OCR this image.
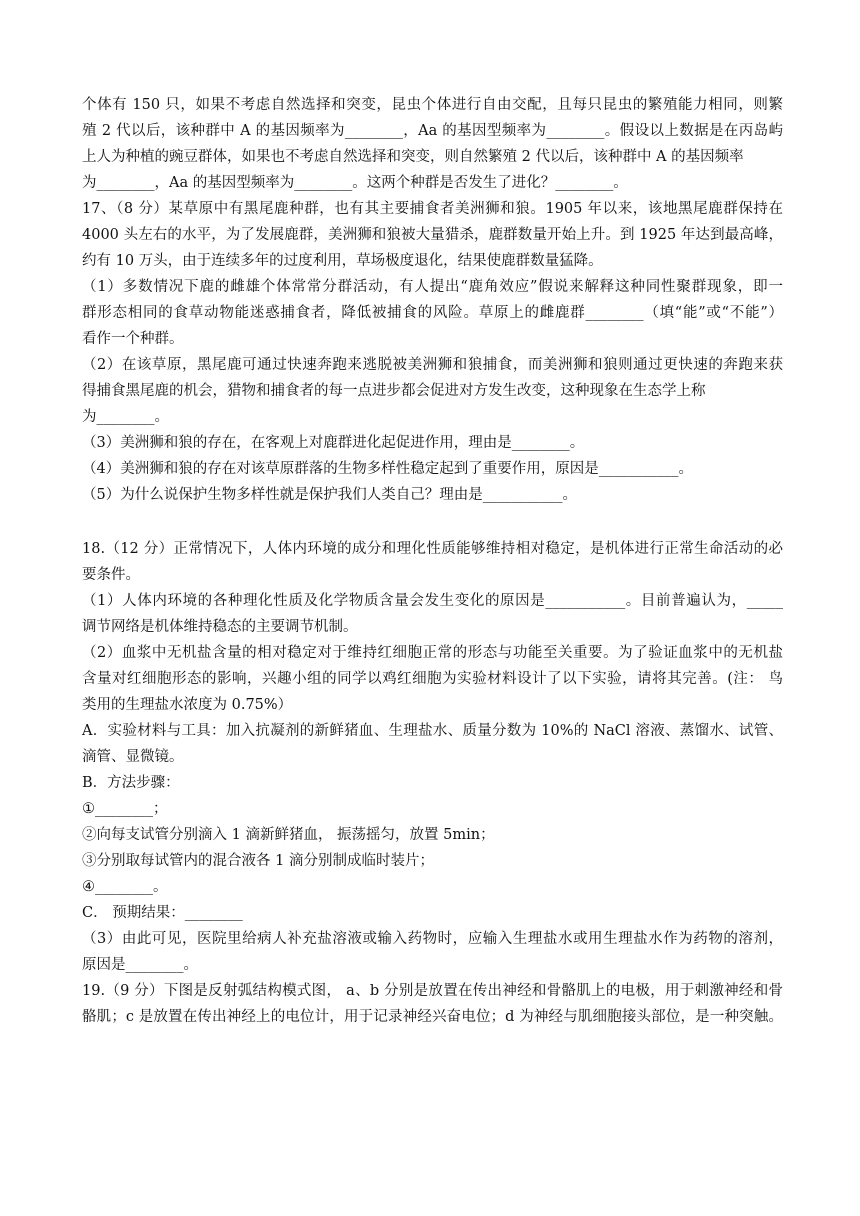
个体有 150 只，如果不考虑自然选择和突变，昆虫个体进行自由交配，且每只昆虫的繁殖能力相同，则繁
殖 2 代以后，该种群中 A 的基因频率为________，Aa 的基因型频率为________。假设以上数据是在丙岛屿
上人为种植的豌豆群体，如果也不考虑自然选择和突变，则自然繁殖 2 代以后，该种群中 A 的基因频率
为________，Aa 的基因型频率为________。这两个种群是否发生了进化？________。
17、（8 分）某草原中有黑尾鹿种群，也有其主要捕食者美洲狮和狼。1905 年以来，该地黑尾鹿群保持在
4000 头左右的水平，为了发展鹿群，美洲狮和狼被大量猎杀，鹿群数量开始上升。到 1925 年达到最高峰，
约有 10 万头，由于连续多年的过度利用，草场极度退化，结果使鹿群数量猛降。
（1）多数情况下鹿的雌雄个体常常分群活动，有人提出“鹿角效应”假说来解释这种同性聚群现象，即一
群形态相同的食草动物能迷惑捕食者，降低被捕食的风险。草原上的雌鹿群________（填“能”或“不能”）
看作一个种群。
（2）在该草原，黑尾鹿可通过快速奔跑来逃脱被美洲狮和狼捕食，而美洲狮和狼则通过更快速的奔跑来获
得捕食黑尾鹿的机会，猎物和捕食者的每一点进步都会促进对方发生改变，这种现象在生态学上称
为________。
（3）美洲狮和狼的存在，在客观上对鹿群进化起促进作用，理由是________。
（4）美洲狮和狼的存在对该草原群落的生物多样性稳定起到了重要作用，原因是___________。
（5）为什么说保护生物多样性就是保护我们人类自己？理由是___________。
18.（12 分）正常情况下，人体内环境的成分和理化性质能够维持相对稳定，是机体进行正常生命活动的必
要条件。
（1）人体内环境的各种理化性质及化学物质含量会发生变化的原因是___________。目前普遍认为，_____
调节网络是机体维持稳态的主要调节机制。
（2）血浆中无机盐含量的相对稳定对于维持红细胞正常的形态与功能至关重要。为了验证血浆中的无机盐
含量对红细胞形态的影响，兴趣小组的同学以鸡红细胞为实验材料设计了以下实验，请将其完善。(注： 鸟
类用的生理盐水浓度为 0.75%）
A．实验材料与工具：加入抗凝剂的新鲜猪血、生理盐水、质量分数为 10%的 NaCl 溶液、蒸馏水、试管、
滴管、显微镜。
B．方法步骤：
①________；
②向每支试管分别滴入 1 滴新鲜猪血， 振荡摇匀，放置 5min；
③分别取每试管内的混合液各 1 滴分别制成临时装片；
④________。
C． 预期结果：________
（3）由此可见，医院里给病人补充盐溶液或输入药物时，应输入生理盐水或用生理盐水作为药物的溶剂，
原因是________。
19.（9 分）下图是反射弧结构模式图， a、b 分别是放置在传出神经和骨骼肌上的电极，用于刺激神经和骨
骼肌；c 是放置在传出神经上的电位计，用于记录神经兴奋电位；d 为神经与肌细胞接头部位，是一种突触。
